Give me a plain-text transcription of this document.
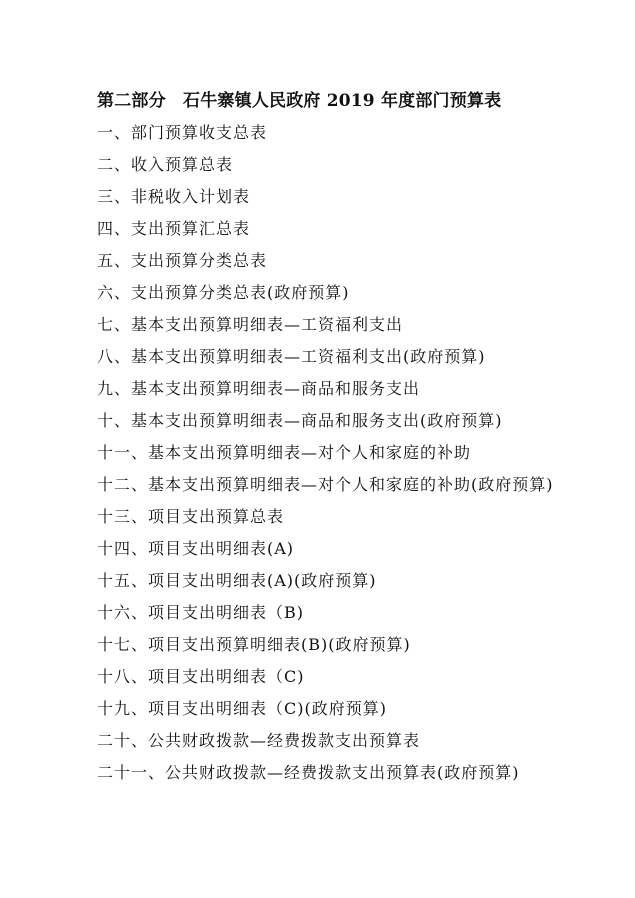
第二部分　石牛寨镇人民政府 2019 年度部门预算表
一、部门预算收支总表
二、收入预算总表
三、非税收入计划表
四、支出预算汇总表
五、支出预算分类总表
六、支出预算分类总表(政府预算)
七、基本支出预算明细表—工资福利支出
八、基本支出预算明细表—工资福利支出(政府预算)
九、基本支出预算明细表—商品和服务支出
十、基本支出预算明细表—商品和服务支出(政府预算)
十一、基本支出预算明细表—对个人和家庭的补助
十二、基本支出预算明细表—对个人和家庭的补助(政府预算)
十三、项目支出预算总表
十四、项目支出明细表(A)
十五、项目支出明细表(A)(政府预算)
十六、项目支出明细表（B)
十七、项目支出预算明细表(B)(政府预算)
十八、项目支出明细表（C)
十九、项目支出明细表（C)(政府预算)
二十、公共财政拨款—经费拨款支出预算表
二十一、公共财政拨款—经费拨款支出预算表(政府预算)
